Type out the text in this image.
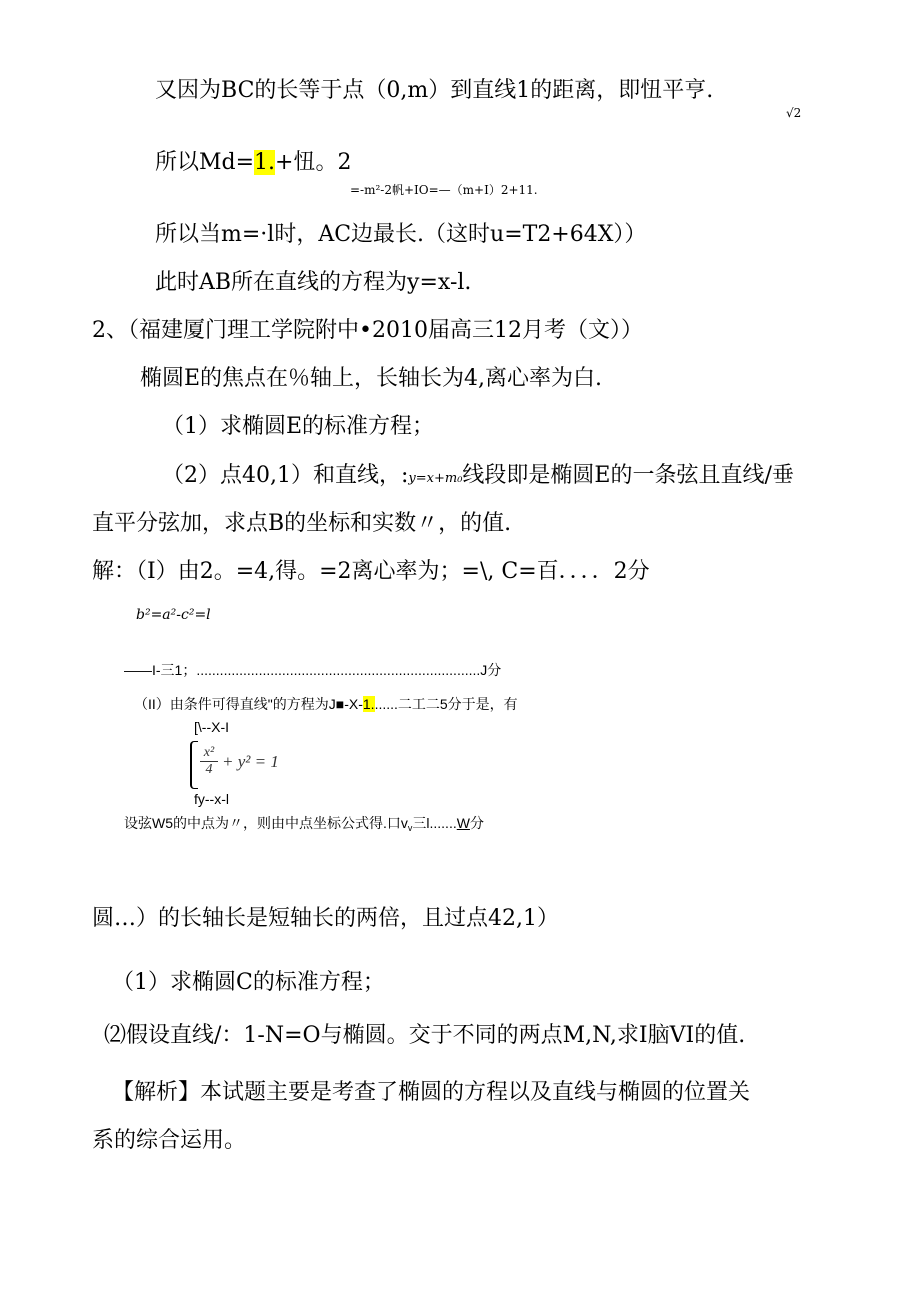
又因为BC的长等于点（0,m）到直线1的距离，即忸平亨.
√2
所以Md=1.+忸。2
=-m²-2帆+IO=—（m+I）2+11.
所以当m=·l时，AC边最长.（这时u=T2+64X））
此时AB所在直线的方程为y=x-l.
2、（福建厦门理工学院附中•2010届高三12月考（文））
椭圆E的焦点在％轴上，长轴长为4,离心率为白.
（1）求椭圆E的标准方程；
（2）点40,1）和直线，:y=x+m₀线段即是椭圆E的一条弦且直线/垂
直平分弦加，求点B的坐标和实数〃，的值.
解：（I）由2。=4,得。=2离心率为；=\, C=百．．．．2分
b²=a²-c²=l
——I-三1；.........................................................................J分
（II）由条件可得直线"的方程为J■-X-1.......二工二5分于是，有
[\--X-I
$\frac{\text{x²}}{4} + y^2 = 1$
fy--x-l
设弦W5的中点为〃，则由中点坐标公式得.口$v_v$三l.......W分
圆…）的长轴长是短轴长的两倍，且过点42,1）
（1）求椭圆C的标准方程；
⑵假设直线/：1-N=O与椭圆。交于不同的两点M,N,求I脑VI的值.
【解析】本试题主要是考查了椭圆的方程以及直线与椭圆的位置关
系的综合运用。
